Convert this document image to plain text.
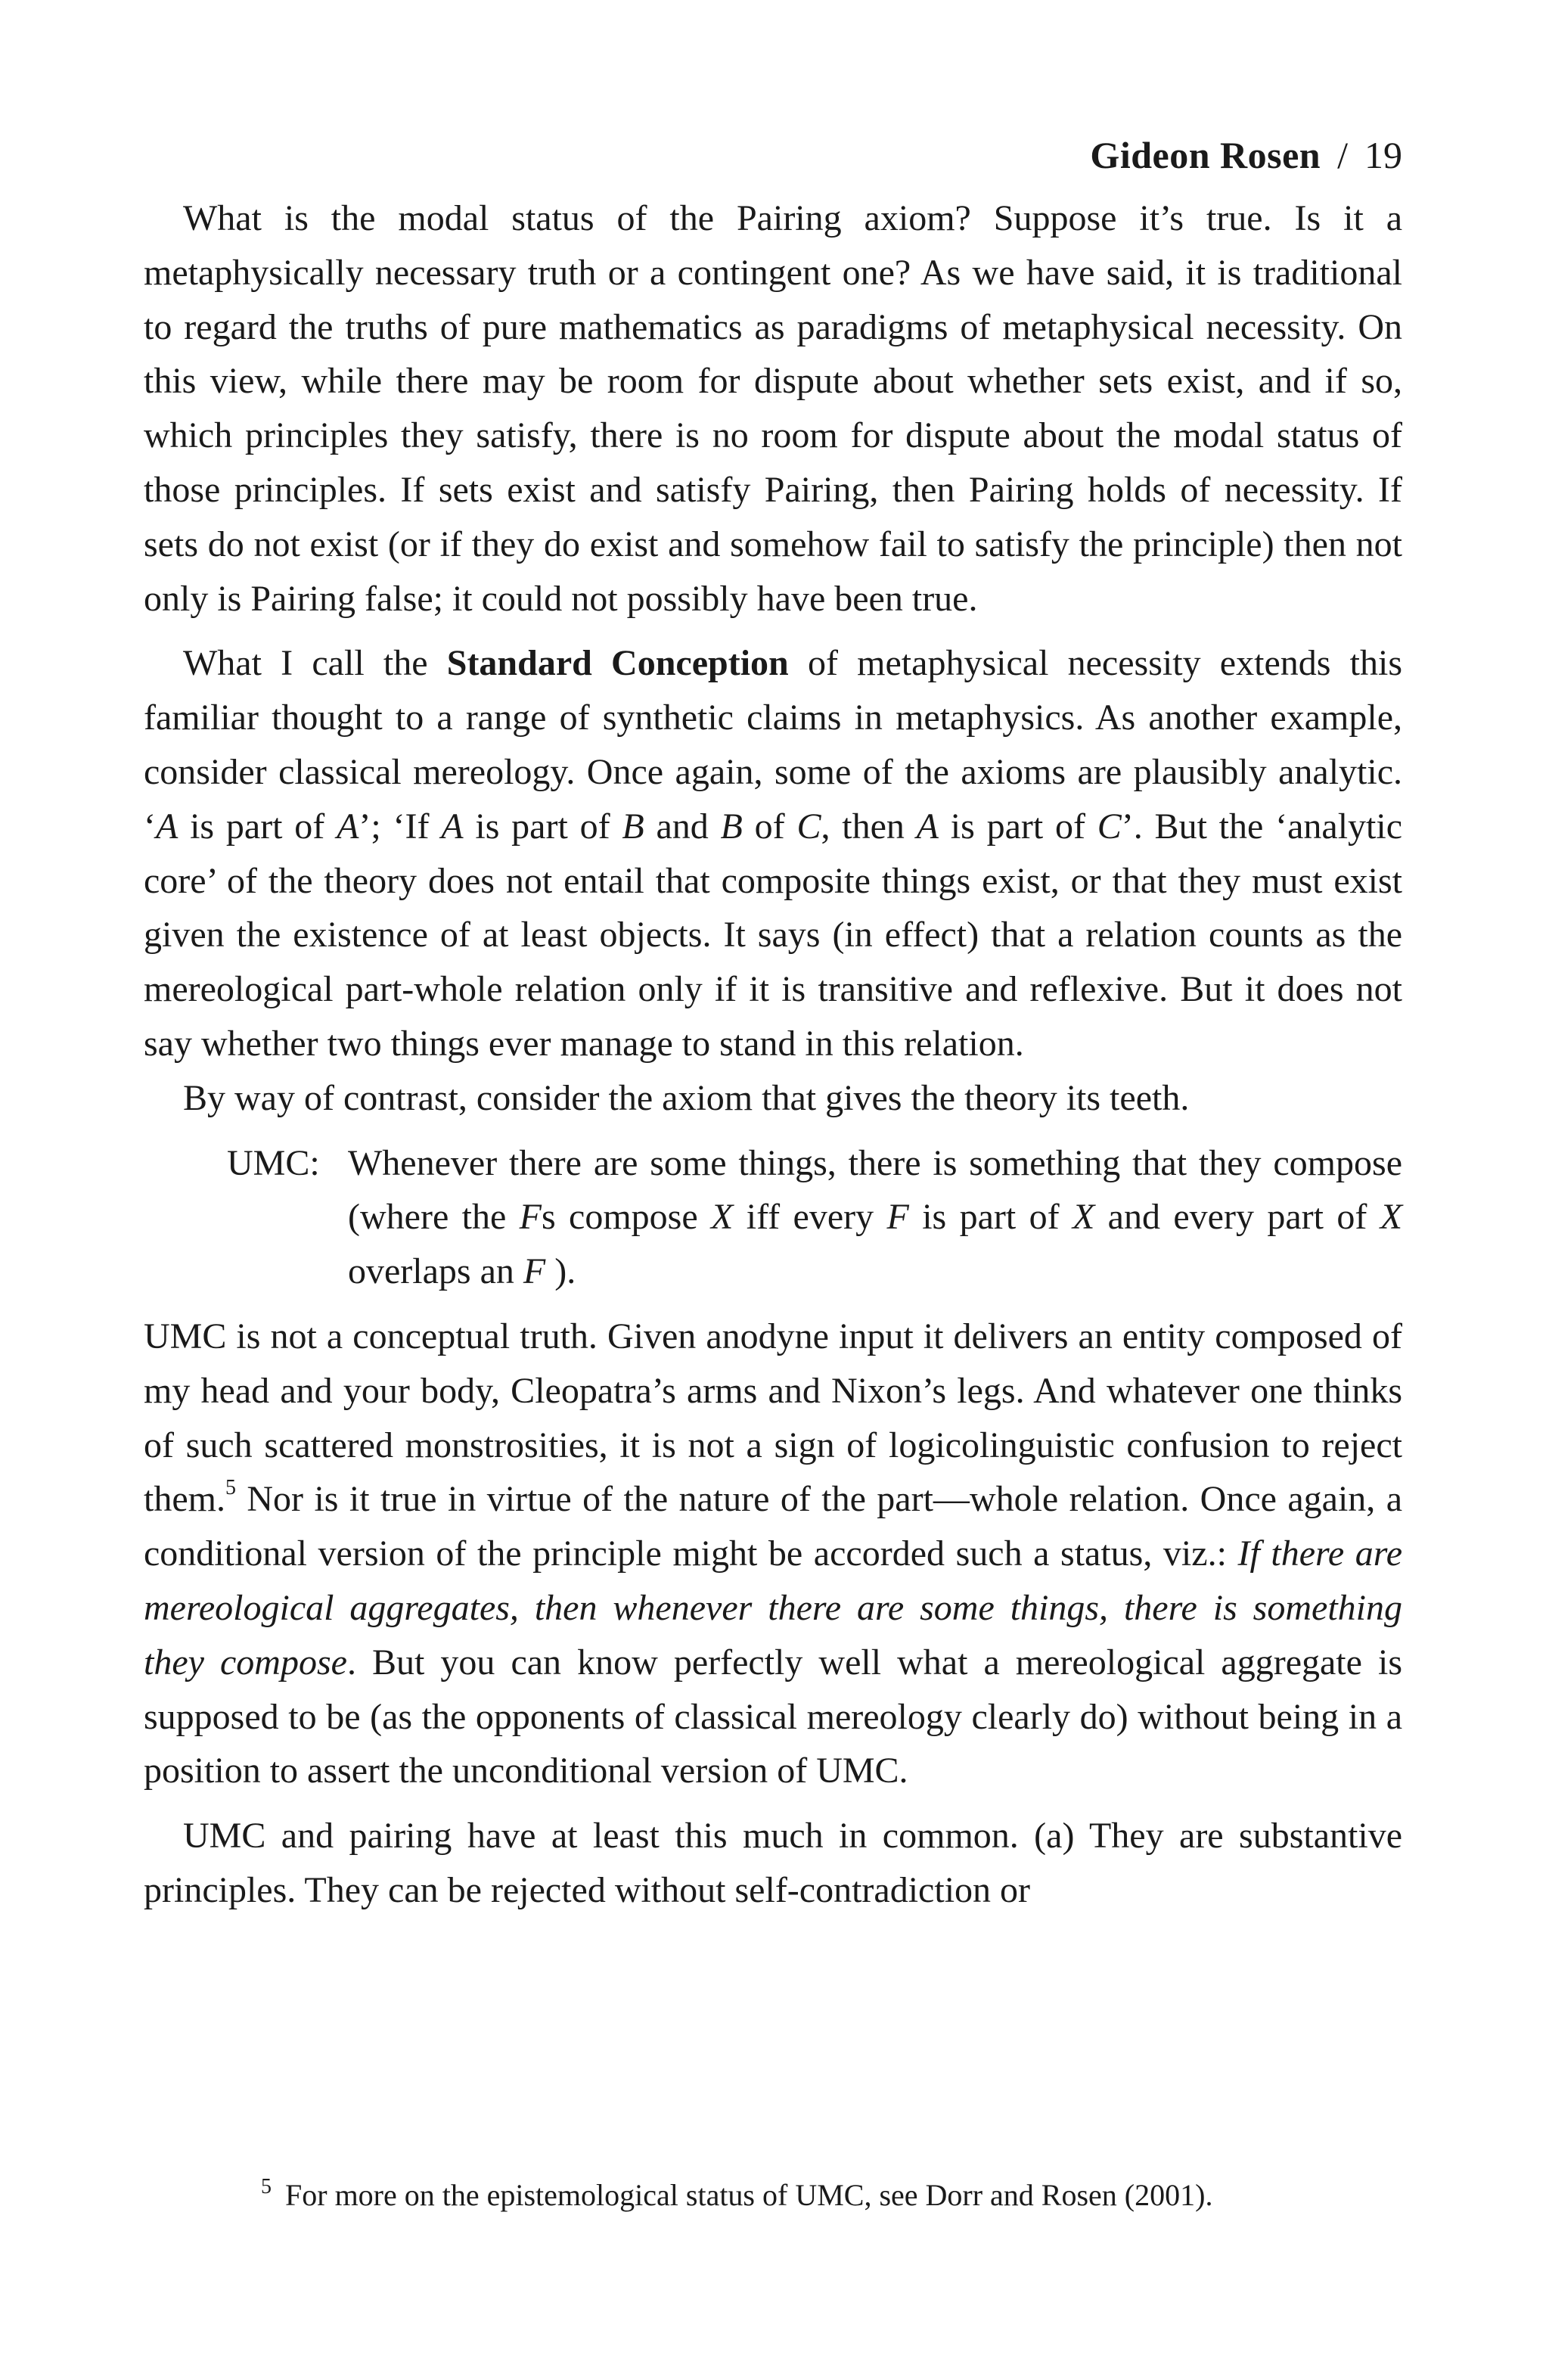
Gideon Rosen / 19

What is the modal status of the Pairing axiom? Suppose it’s true. Is it a metaphysically necessary truth or a contingent one? As we have said, it is traditional to regard the truths of pure mathematics as paradigms of metaphysical necessity. On this view, while there may be room for dispute about whether sets exist, and if so, which principles they satisfy, there is no room for dispute about the modal status of those principles. If sets exist and satisfy Pairing, then Pairing holds of necessity. If sets do not exist (or if they do exist and somehow fail to satisfy the principle) then not only is Pairing false; it could not possibly have been true.

What I call the Standard Conception of metaphysical necessity extends this familiar thought to a range of synthetic claims in metaphysics. As another example, consider classical mereology. Once again, some of the axioms are plausibly analytic. ‘A is part of A’; ‘If A is part of B and B of C, then A is part of C’. But the ‘analytic core’ of the theory does not entail that composite things exist, or that they must exist given the existence of at least objects. It says (in effect) that a relation counts as the mereological part-whole relation only if it is transitive and reflexive. But it does not say whether two things ever manage to stand in this relation.

By way of contrast, consider the axiom that gives the theory its teeth.

UMC: Whenever there are some things, there is something that they compose (where the Fs compose X iff every F is part of X and every part of X overlaps an F ).

UMC is not a conceptual truth. Given anodyne input it delivers an entity composed of my head and your body, Cleopatra’s arms and Nixon’s legs. And whatever one thinks of such scattered monstrosities, it is not a sign of logicolinguistic confusion to reject them.$^5$ Nor is it true in virtue of the nature of the part—whole relation. Once again, a conditional version of the principle might be accorded such a status, viz.: If there are mereological aggregates, then whenever there are some things, there is something they compose. But you can know perfectly well what a mereological aggregate is supposed to be (as the opponents of classical mereology clearly do) without being in a position to assert the unconditional version of UMC.

UMC and pairing have at least this much in common. (a) They are substantive principles. They can be rejected without self-contradiction or

$^5$ For more on the epistemological status of UMC, see Dorr and Rosen (2001).
